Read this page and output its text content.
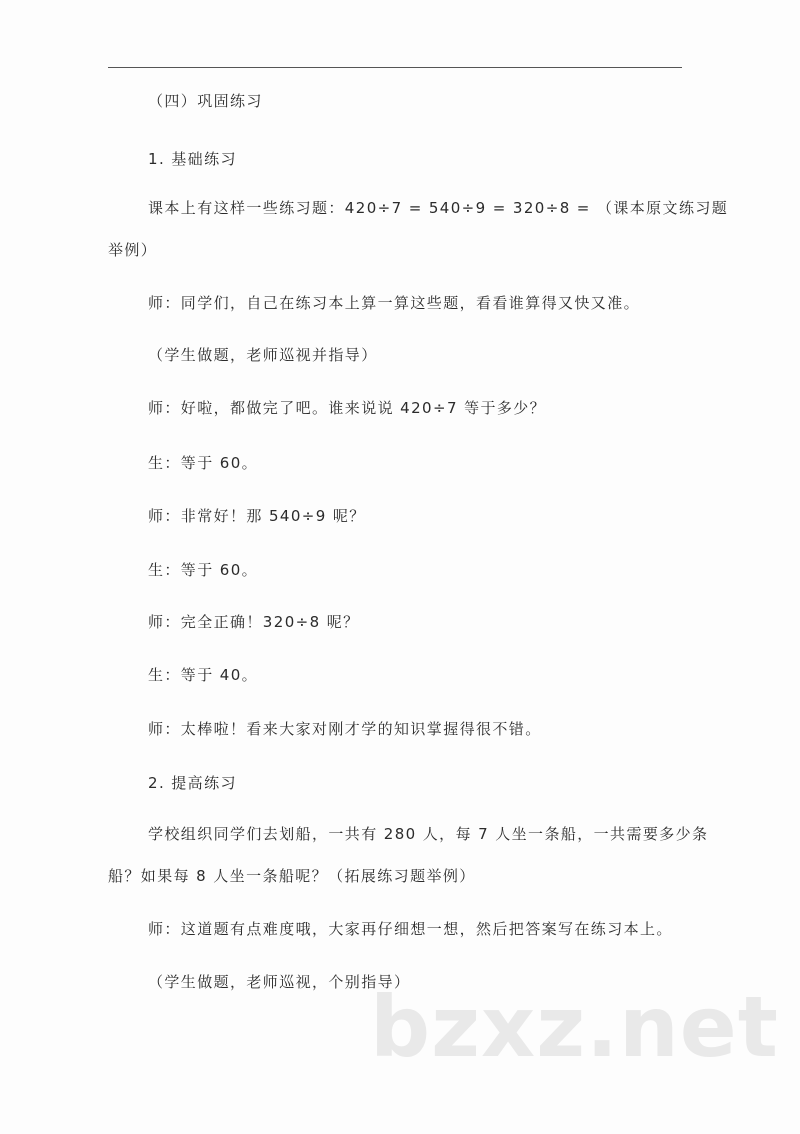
（四）巩固练习
1. 基础练习
课本上有这样一些练习题：420÷7 = 540÷9 = 320÷8 = （课本原文练习题
举例）
师：同学们，自己在练习本上算一算这些题，看看谁算得又快又准。
（学生做题，老师巡视并指导）
师：好啦，都做完了吧。谁来说说 420÷7 等于多少？
生：等于 60。
师：非常好！那 540÷9 呢？
生：等于 60。
师：完全正确！320÷8 呢？
生：等于 40。
师：太棒啦！看来大家对刚才学的知识掌握得很不错。
2. 提高练习
学校组织同学们去划船，一共有 280 人，每 7 人坐一条船，一共需要多少条
船？如果每 8 人坐一条船呢？（拓展练习题举例）
师：这道题有点难度哦，大家再仔细想一想，然后把答案写在练习本上。
（学生做题，老师巡视，个别指导）
bzxz.net
